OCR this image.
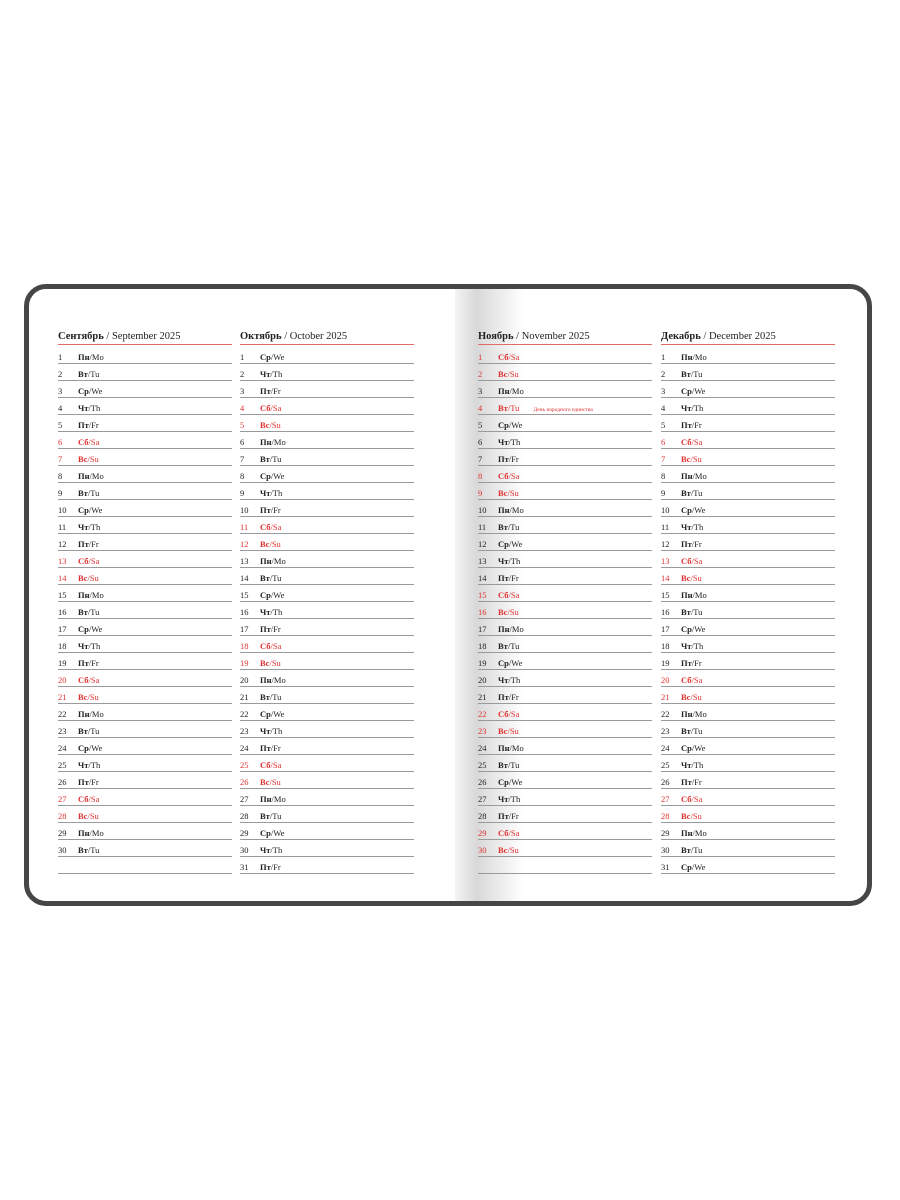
Сентябрь / September 2025
1	Пн/Mo
2	Вт/Tu
3	Ср/We
4	Чт/Th
5	Пт/Fr
6	Сб/Sa
7	Вс/Su
8	Пн/Mo
9	Вт/Tu
10	Ср/We
11	Чт/Th
12	Пт/Fr
13	Сб/Sa
14	Вс/Su
15	Пн/Mo
16	Вт/Tu
17	Ср/We
18	Чт/Th
19	Пт/Fr
20	Сб/Sa
21	Вс/Su
22	Пн/Mo
23	Вт/Tu
24	Ср/We
25	Чт/Th
26	Пт/Fr
27	Сб/Sa
28	Вс/Su
29	Пн/Mo
30	Вт/Tu
Октябрь / October 2025
1	Ср/We
2	Чт/Th
3	Пт/Fr
4	Сб/Sa
5	Вс/Su
6	Пн/Mo
7	Вт/Tu
8	Ср/We
9	Чт/Th
10	Пт/Fr
11	Сб/Sa
12	Вс/Su
13	Пн/Mo
14	Вт/Tu
15	Ср/We
16	Чт/Th
17	Пт/Fr
18	Сб/Sa
19	Вс/Su
20	Пн/Mo
21	Вт/Tu
22	Ср/We
23	Чт/Th
24	Пт/Fr
25	Сб/Sa
26	Вс/Su
27	Пн/Mo
28	Вт/Tu
29	Ср/We
30	Чт/Th
31	Пт/Fr
Ноябрь / November 2025
1	Сб/Sa
2	Вс/Su
3	Пн/Mo
4	Вт/Tu	День народного единства
5	Ср/We
6	Чт/Th
7	Пт/Fr
8	Сб/Sa
9	Вс/Su
10	Пн/Mo
11	Вт/Tu
12	Ср/We
13	Чт/Th
14	Пт/Fr
15	Сб/Sa
16	Вс/Su
17	Пн/Mo
18	Вт/Tu
19	Ср/We
20	Чт/Th
21	Пт/Fr
22	Сб/Sa
23	Вс/Su
24	Пн/Mo
25	Вт/Tu
26	Ср/We
27	Чт/Th
28	Пт/Fr
29	Сб/Sa
30	Вс/Su
Декабрь / December 2025
1	Пн/Mo
2	Вт/Tu
3	Ср/We
4	Чт/Th
5	Пт/Fr
6	Сб/Sa
7	Вс/Su
8	Пн/Mo
9	Вт/Tu
10	Ср/We
11	Чт/Th
12	Пт/Fr
13	Сб/Sa
14	Вс/Su
15	Пн/Mo
16	Вт/Tu
17	Ср/We
18	Чт/Th
19	Пт/Fr
20	Сб/Sa
21	Вс/Su
22	Пн/Mo
23	Вт/Tu
24	Ср/We
25	Чт/Th
26	Пт/Fr
27	Сб/Sa
28	Вс/Su
29	Пн/Mo
30	Вт/Tu
31	Ср/We
